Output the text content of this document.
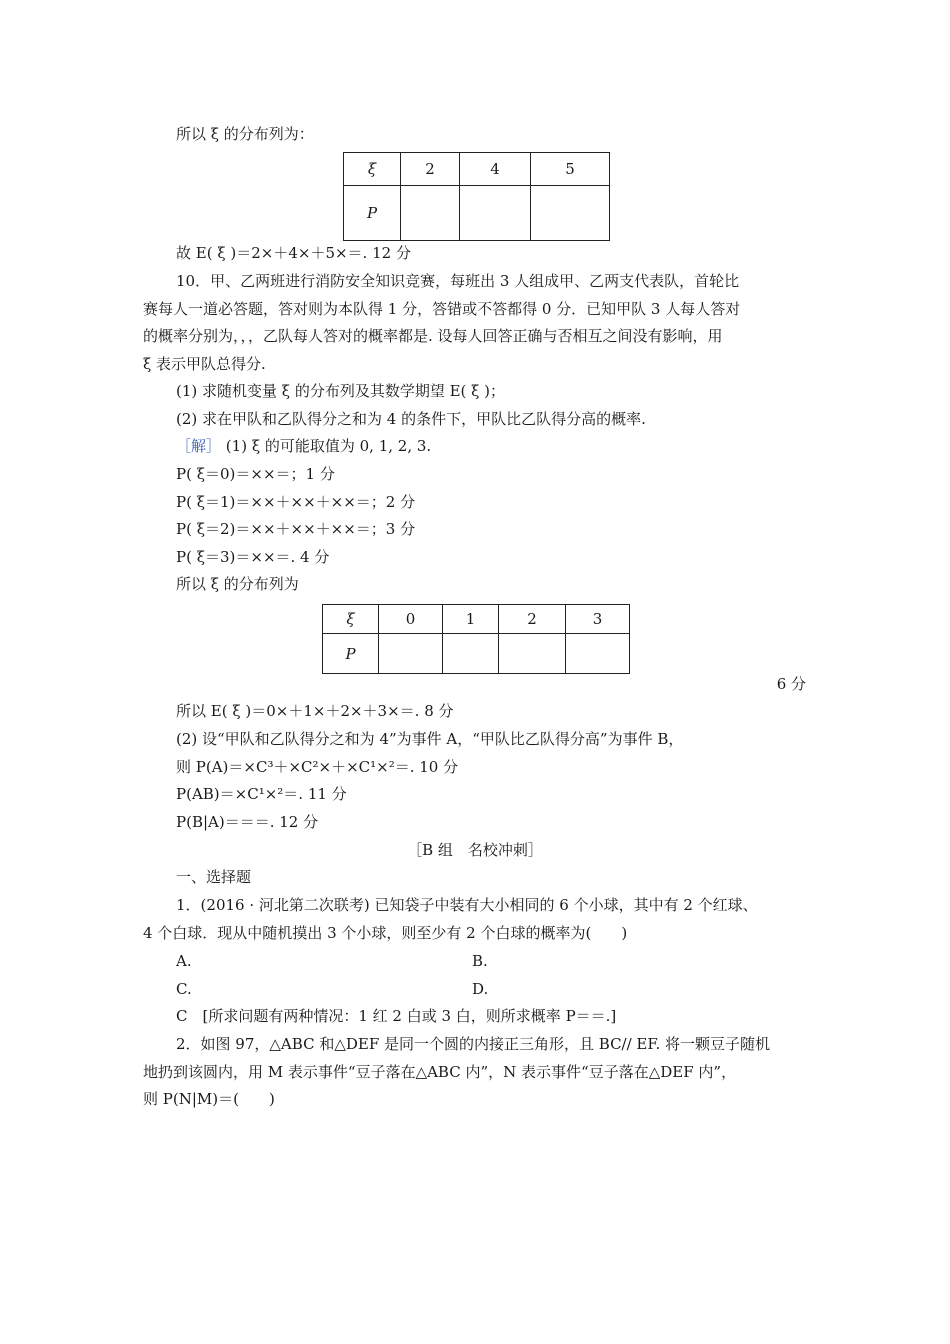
所以 ξ 的分布列为：
ξ	2	4	5
P			
故 E( ξ )＝2×＋4×＋5×＝. 12 分
10．甲、乙两班进行消防安全知识竞赛，每班出 3 人组成甲、乙两支代表队，首轮比
赛每人一道必答题，答对则为本队得 1 分，答错或不答都得 0 分．已知甲队 3 人每人答对
的概率分别为，，，乙队每人答对的概率都是. 设每人回答正确与否相互之间没有影响，用
ξ 表示甲队总得分.
(1) 求随机变量 ξ 的分布列及其数学期望 E( ξ )；
(2) 求在甲队和乙队得分之和为 4 的条件下，甲队比乙队得分高的概率.
［解］ (1) ξ 的可能取值为 0, 1, 2, 3.
P( ξ＝0)＝××＝；1 分
P( ξ＝1)＝××＋××＋××＝；2 分
P( ξ＝2)＝××＋××＋××＝；3 分
P( ξ＝3)＝××＝. 4 分
所以 ξ 的分布列为
ξ	0	1	2	3
P				
6 分
所以 E( ξ )＝0×＋1×＋2×＋3×＝. 8 分
(2) 设“甲队和乙队得分之和为 4”为事件 A，“甲队比乙队得分高”为事件 B，
则 P(A)＝×C³＋×C²×＋×C¹×²＝. 10 分
P(AB)＝×C¹×²＝. 11 分
P(B|A)＝＝＝. 12 分
［B 组　名校冲刺］
一、选择题
1．(2016 · 河北第二次联考) 已知袋子中装有大小相同的 6 个小球，其中有 2 个红球、
4 个白球．现从中随机摸出 3 个小球，则至少有 2 个白球的概率为(　　)
A.	B.
C.	D.
C　[所求问题有两种情况：1 红 2 白或 3 白，则所求概率 P＝＝.]
2．如图 97，△ABC 和△DEF 是同一个圆的内接正三角形，且 BC// EF. 将一颗豆子随机
地扔到该圆内，用 M 表示事件“豆子落在△ABC 内”，N 表示事件“豆子落在△DEF 内”，
则 P(N|M)＝(　　)
